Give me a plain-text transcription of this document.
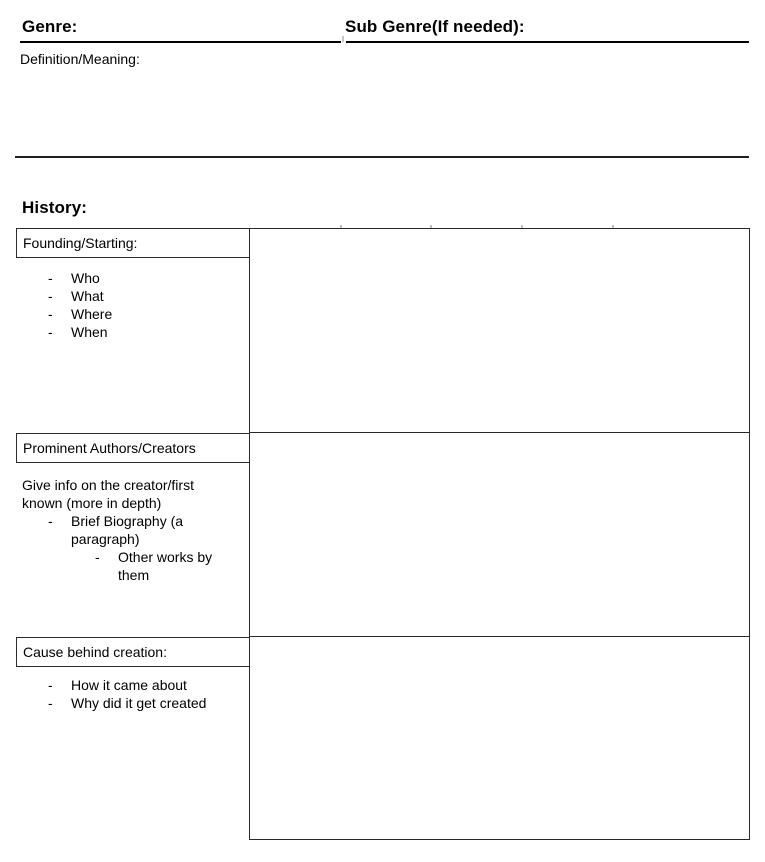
Genre:	Sub Genre(If needed):
Definition/Meaning:
History:
Founding/Starting:
- Who
- What
- Where
- When
Prominent Authors/Creators
Give info on the creator/first
known (more in depth)
- Brief Biography (a
paragraph)
- Other works by
them
Cause behind creation:
- How it came about
- Why did it get created
